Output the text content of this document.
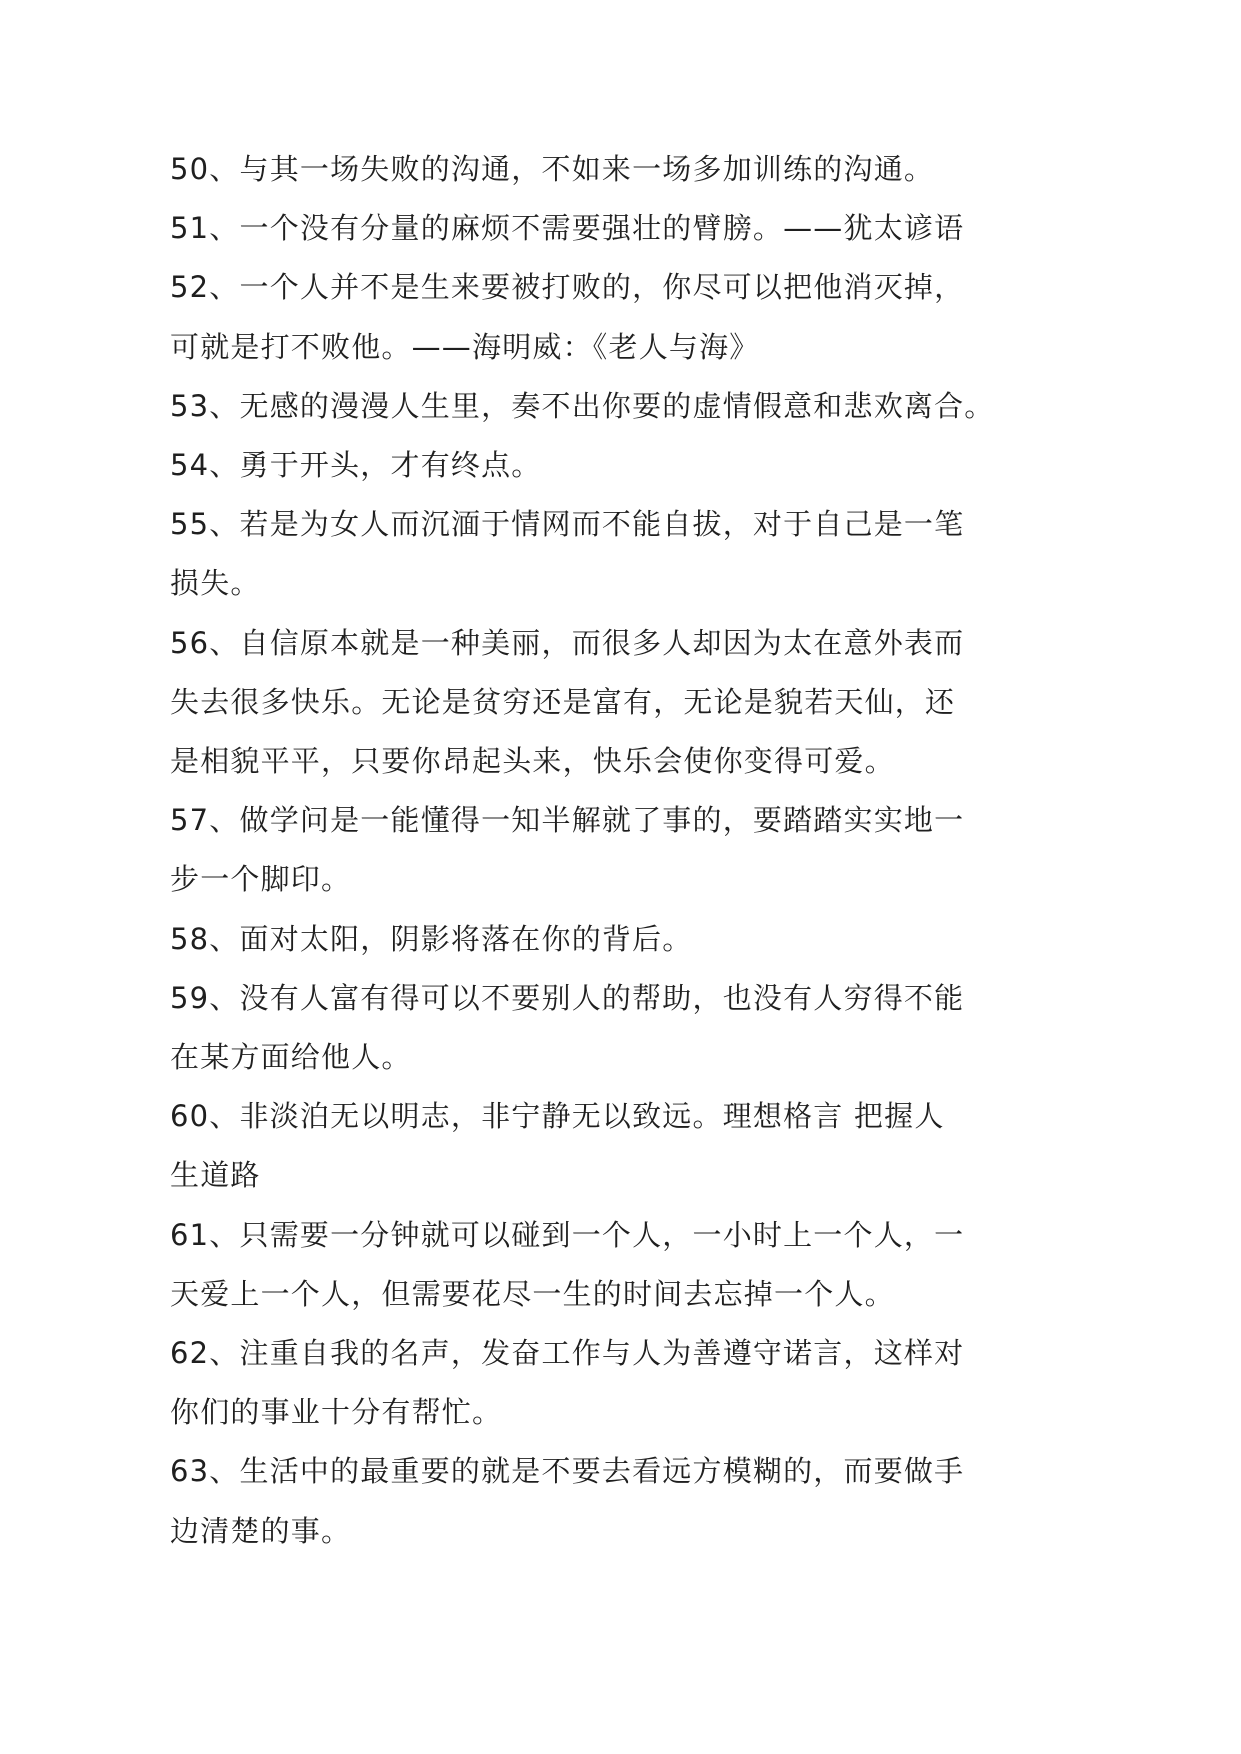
50、与其一场失败的沟通，不如来一场多加训练的沟通。

51、一个没有分量的麻烦不需要强壮的臂膀。——犹太谚语

52、一个人并不是生来要被打败的，你尽可以把他消灭掉，
可就是打不败他。——海明威：《老人与海》

53、无感的漫漫人生里，奏不出你要的虚情假意和悲欢离合。

54、勇于开头，才有终点。

55、若是为女人而沉湎于情网而不能自拔，对于自己是一笔
损失。

56、自信原本就是一种美丽，而很多人却因为太在意外表而
失去很多快乐。无论是贫穷还是富有，无论是貌若天仙，还
是相貌平平，只要你昂起头来，快乐会使你变得可爱。

57、做学问是一能懂得一知半解就了事的，要踏踏实实地一
步一个脚印。

58、面对太阳，阴影将落在你的背后。

59、没有人富有得可以不要别人的帮助，也没有人穷得不能
在某方面给他人。

60、非淡泊无以明志，非宁静无以致远。理想格言 把握人
生道路

61、只需要一分钟就可以碰到一个人，一小时上一个人，一
天爱上一个人，但需要花尽一生的时间去忘掉一个人。

62、注重自我的名声，发奋工作与人为善遵守诺言，这样对
你们的事业十分有帮忙。

63、生活中的最重要的就是不要去看远方模糊的，而要做手
边清楚的事。
